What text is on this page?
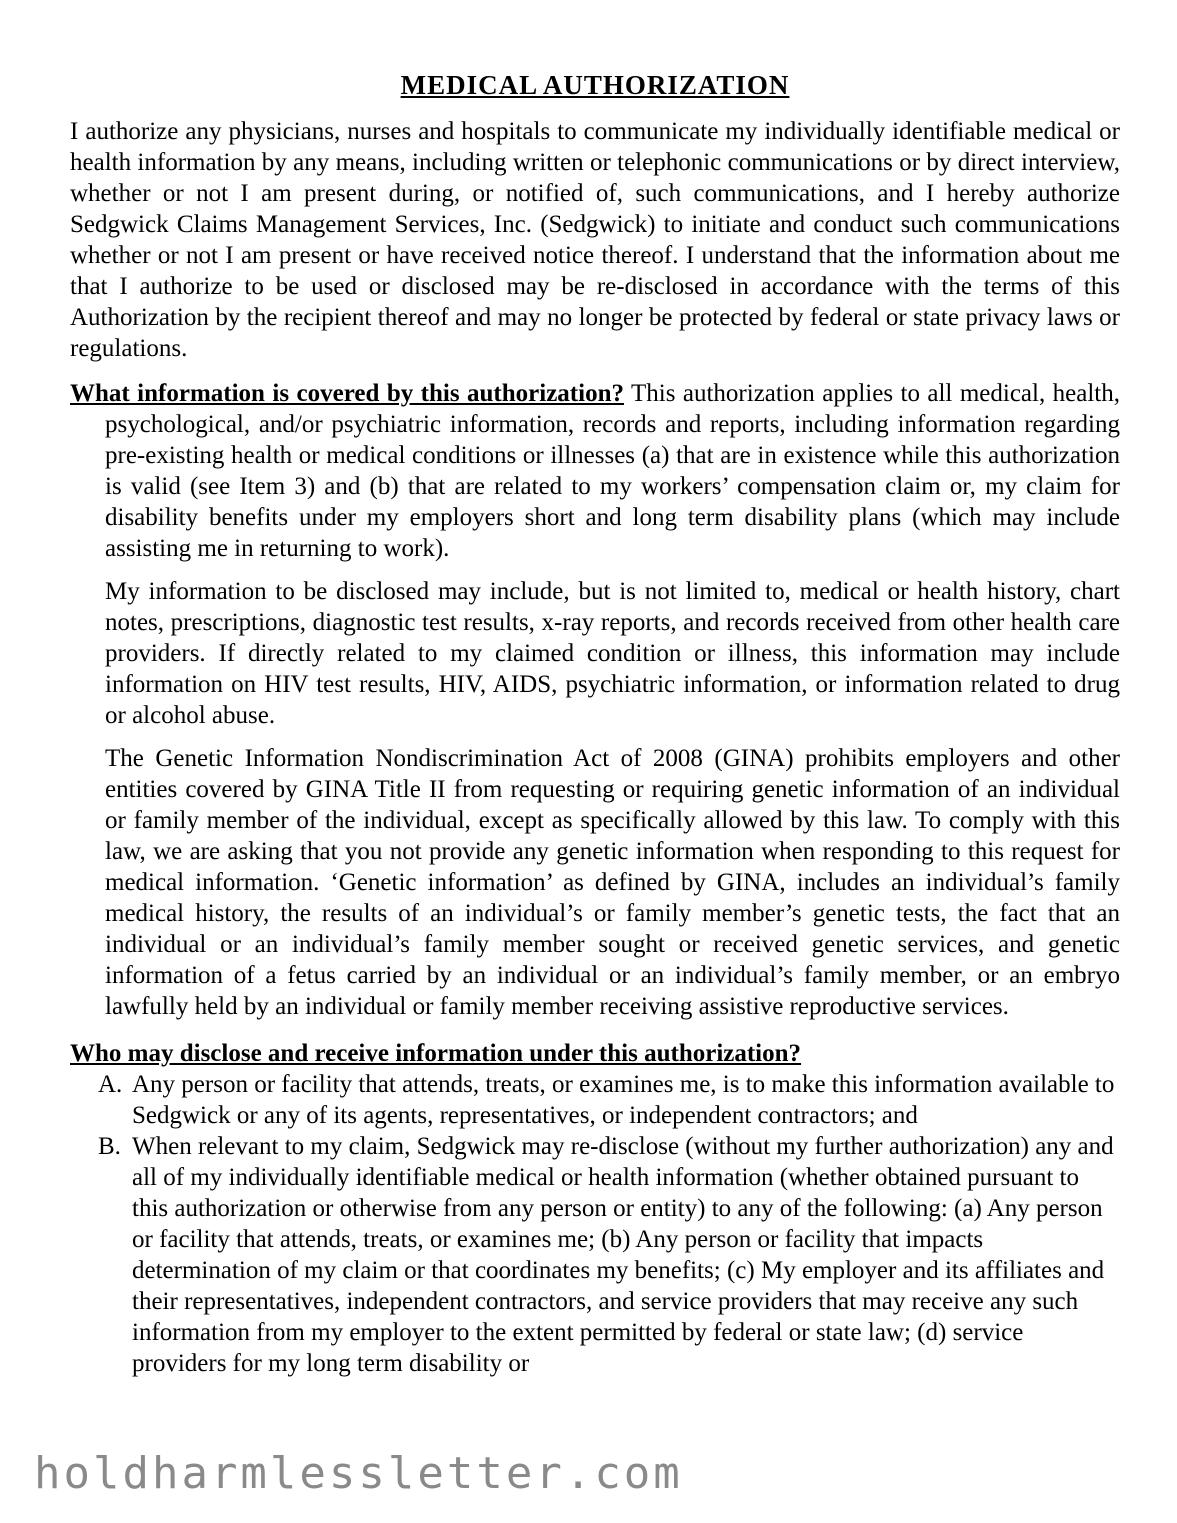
MEDICAL AUTHORIZATION

I authorize any physicians, nurses and hospitals to communicate my individually identifiable medical or health information by any means, including written or telephonic communications or by direct interview, whether or not I am present during, or notified of, such communications, and I hereby authorize Sedgwick Claims Management Services, Inc. (Sedgwick) to initiate and conduct such communications whether or not I am present or have received notice thereof. I understand that the information about me that I authorize to be used or disclosed may be re-disclosed in accordance with the terms of this Authorization by the recipient thereof and may no longer be protected by federal or state privacy laws or regulations.

What information is covered by this authorization? This authorization applies to all medical, health, psychological, and/or psychiatric information, records and reports, including information regarding pre-existing health or medical conditions or illnesses (a) that are in existence while this authorization is valid (see Item 3) and (b) that are related to my workers’ compensation claim or, my claim for disability benefits under my employers short and long term disability plans (which may include assisting me in returning to work).

My information to be disclosed may include, but is not limited to, medical or health history, chart notes, prescriptions, diagnostic test results, x-ray reports, and records received from other health care providers. If directly related to my claimed condition or illness, this information may include information on HIV test results, HIV, AIDS, psychiatric information, or information related to drug or alcohol abuse.

The Genetic Information Nondiscrimination Act of 2008 (GINA) prohibits employers and other entities covered by GINA Title II from requesting or requiring genetic information of an individual or family member of the individual, except as specifically allowed by this law. To comply with this law, we are asking that you not provide any genetic information when responding to this request for medical information. ‘Genetic information’ as defined by GINA, includes an individual’s family medical history, the results of an individual’s or family member’s genetic tests, the fact that an individual or an individual’s family member sought or received genetic services, and genetic information of a fetus carried by an individual or an individual’s family member, or an embryo lawfully held by an individual or family member receiving assistive reproductive services.

Who may disclose and receive information under this authorization?
A. Any person or facility that attends, treats, or examines me, is to make this information available to Sedgwick or any of its agents, representatives, or independent contractors; and
B. When relevant to my claim, Sedgwick may re-disclose (without my further authorization) any and all of my individually identifiable medical or health information (whether obtained pursuant to this authorization or otherwise from any person or entity) to any of the following: (a) Any person or facility that attends, treats, or examines me; (b) Any person or facility that impacts determination of my claim or that coordinates my benefits; (c) My employer and its affiliates and their representatives, independent contractors, and service providers that may receive any such information from my employer to the extent permitted by federal or state law; (d) service providers for my long term disability or
holdharmlessletter.com
